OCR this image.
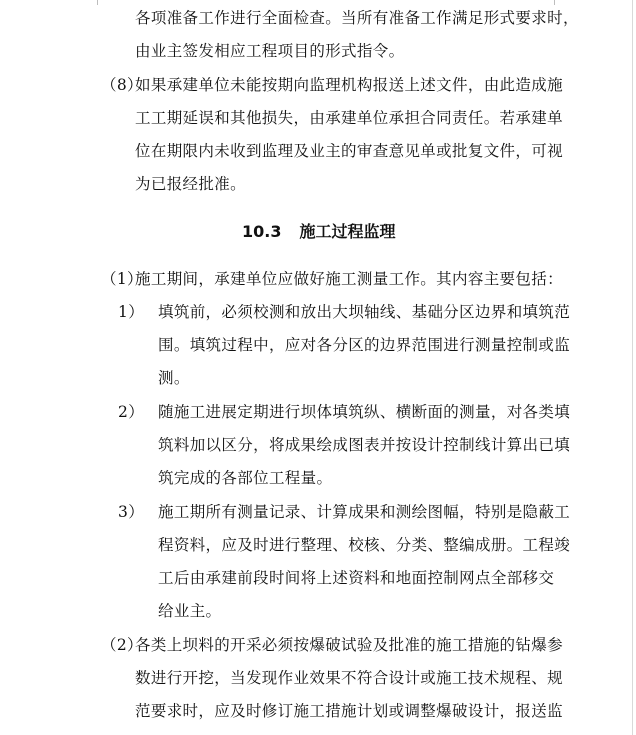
各项准备工作进行全面检查。当所有准备工作满足形式要求时，
由业主签发相应工程项目的形式指令。
（8）
如果承建单位未能按期向监理机构报送上述文件，由此造成施
工工期延误和其他损失，由承建单位承担合同责任。若承建单
位在期限内未收到监理及业主的审查意见单或批复文件，可视
为已报经批准。
10.3 施工过程监理
（1）
施工期间，承建单位应做好施工测量工作。其内容主要包括：
1） 填筑前，必须校测和放出大坝轴线、基础分区边界和填筑范
围。填筑过程中，应对各分区的边界范围进行测量控制或监
测。
2） 随施工进展定期进行坝体填筑纵、横断面的测量，对各类填
筑料加以区分，将成果绘成图表并按设计控制线计算出已填
筑完成的各部位工程量。
3） 施工期所有测量记录、计算成果和测绘图幅，特别是隐蔽工
程资料，应及时进行整理、校核、分类、整编成册。工程竣
工后由承建前段时间将上述资料和地面控制网点全部移交
给业主。
（2）
各类上坝料的开采必须按爆破试验及批准的施工措施的钻爆参
数进行开挖，当发现作业效果不符合设计或施工技术规程、规
范要求时，应及时修订施工措施计划或调整爆破设计，报送监
